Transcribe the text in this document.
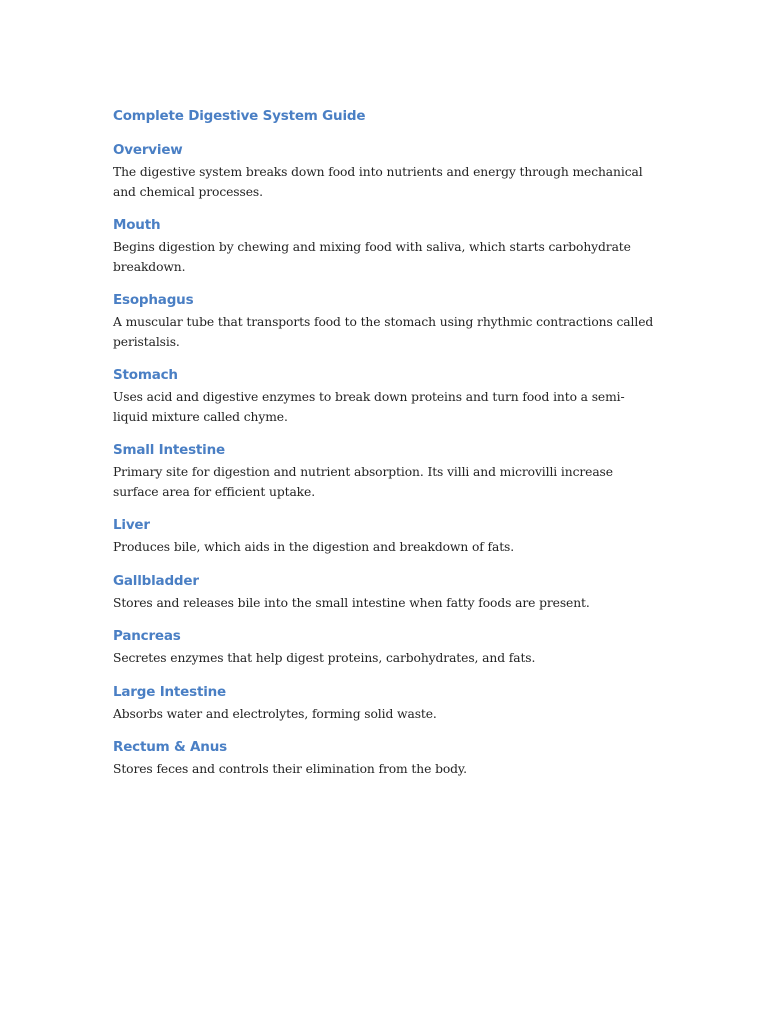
Complete Digestive System Guide
Overview

The digestive system breaks down food into nutrients and energy through mechanical and chemical processes.

Mouth

Begins digestion by chewing and mixing food with saliva, which starts carbohydrate breakdown.

Esophagus

A muscular tube that transports food to the stomach using rhythmic contractions called peristalsis.

Stomach

Uses acid and digestive enzymes to break down proteins and turn food into a semi-liquid mixture called chyme.

Small Intestine

Primary site for digestion and nutrient absorption. Its villi and microvilli increase surface area for efficient uptake.

Liver

Produces bile, which aids in the digestion and breakdown of fats.

Gallbladder

Stores and releases bile into the small intestine when fatty foods are present.

Pancreas

Secretes enzymes that help digest proteins, carbohydrates, and fats.

Large Intestine

Absorbs water and electrolytes, forming solid waste.

Rectum & Anus

Stores feces and controls their elimination from the body.
